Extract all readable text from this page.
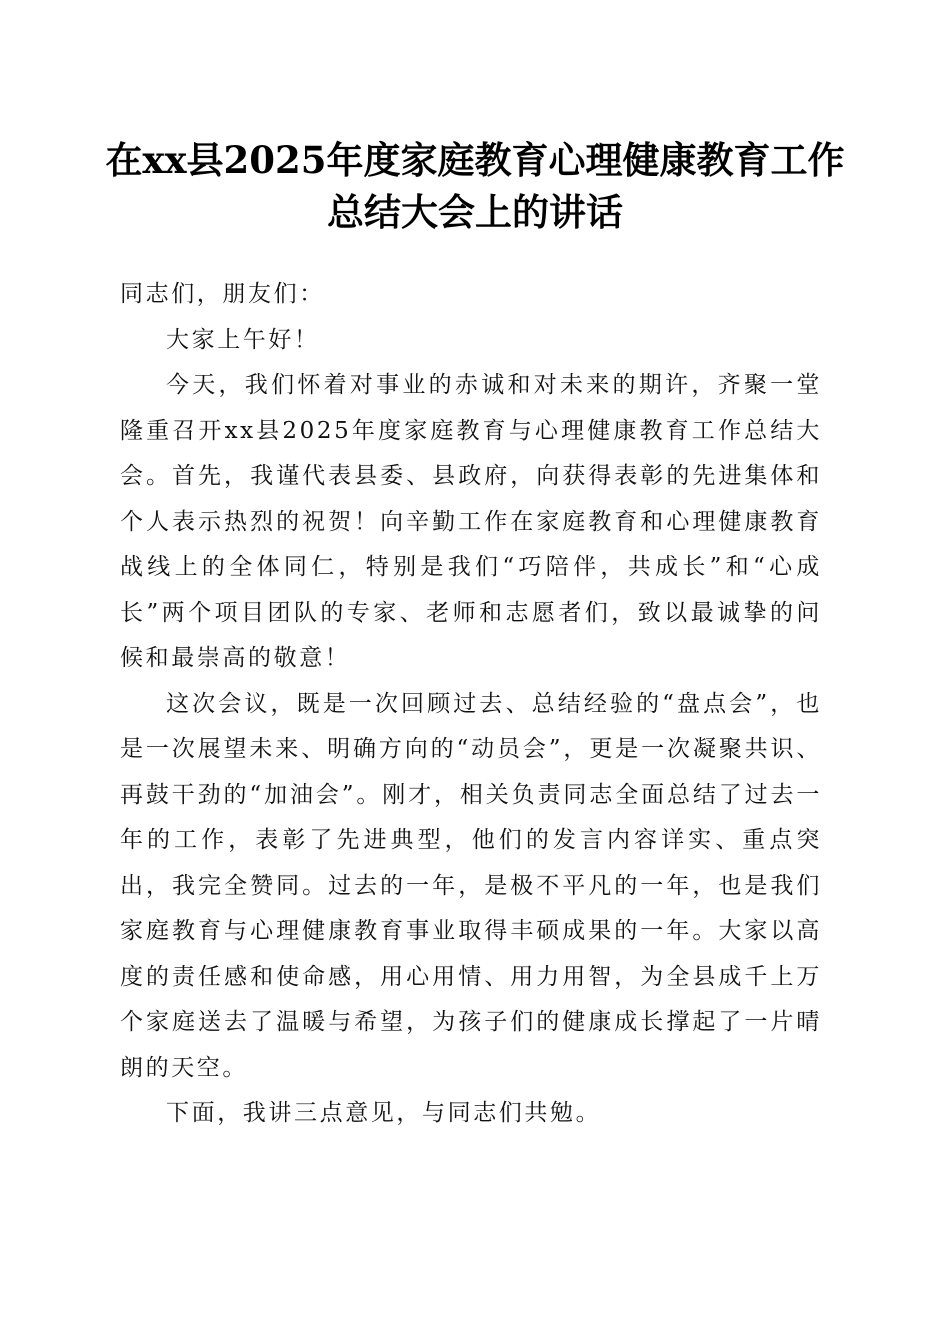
在xx县2025年度家庭教育心理健康教育工作
总结大会上的讲话

同志们，朋友们：

大家上午好！

今天，我们怀着对事业的赤诚和对未来的期许，齐聚一堂隆重召开xx县2025年度家庭教育与心理健康教育工作总结大会。首先，我谨代表县委、县政府，向获得表彰的先进集体和个人表示热烈的祝贺！向辛勤工作在家庭教育和心理健康教育战线上的全体同仁，特别是我们“巧陪伴，共成长”和“心成长”两个项目团队的专家、老师和志愿者们，致以最诚挚的问候和最崇高的敬意！

这次会议，既是一次回顾过去、总结经验的“盘点会”，也是一次展望未来、明确方向的“动员会”，更是一次凝聚共识、再鼓干劲的“加油会”。刚才，相关负责同志全面总结了过去一年的工作，表彰了先进典型，他们的发言内容详实、重点突出，我完全赞同。过去的一年，是极不平凡的一年，也是我们家庭教育与心理健康教育事业取得丰硕成果的一年。大家以高度的责任感和使命感，用心用情、用力用智，为全县成千上万个家庭送去了温暖与希望，为孩子们的健康成长撑起了一片晴朗的天空。

下面，我讲三点意见，与同志们共勉。
